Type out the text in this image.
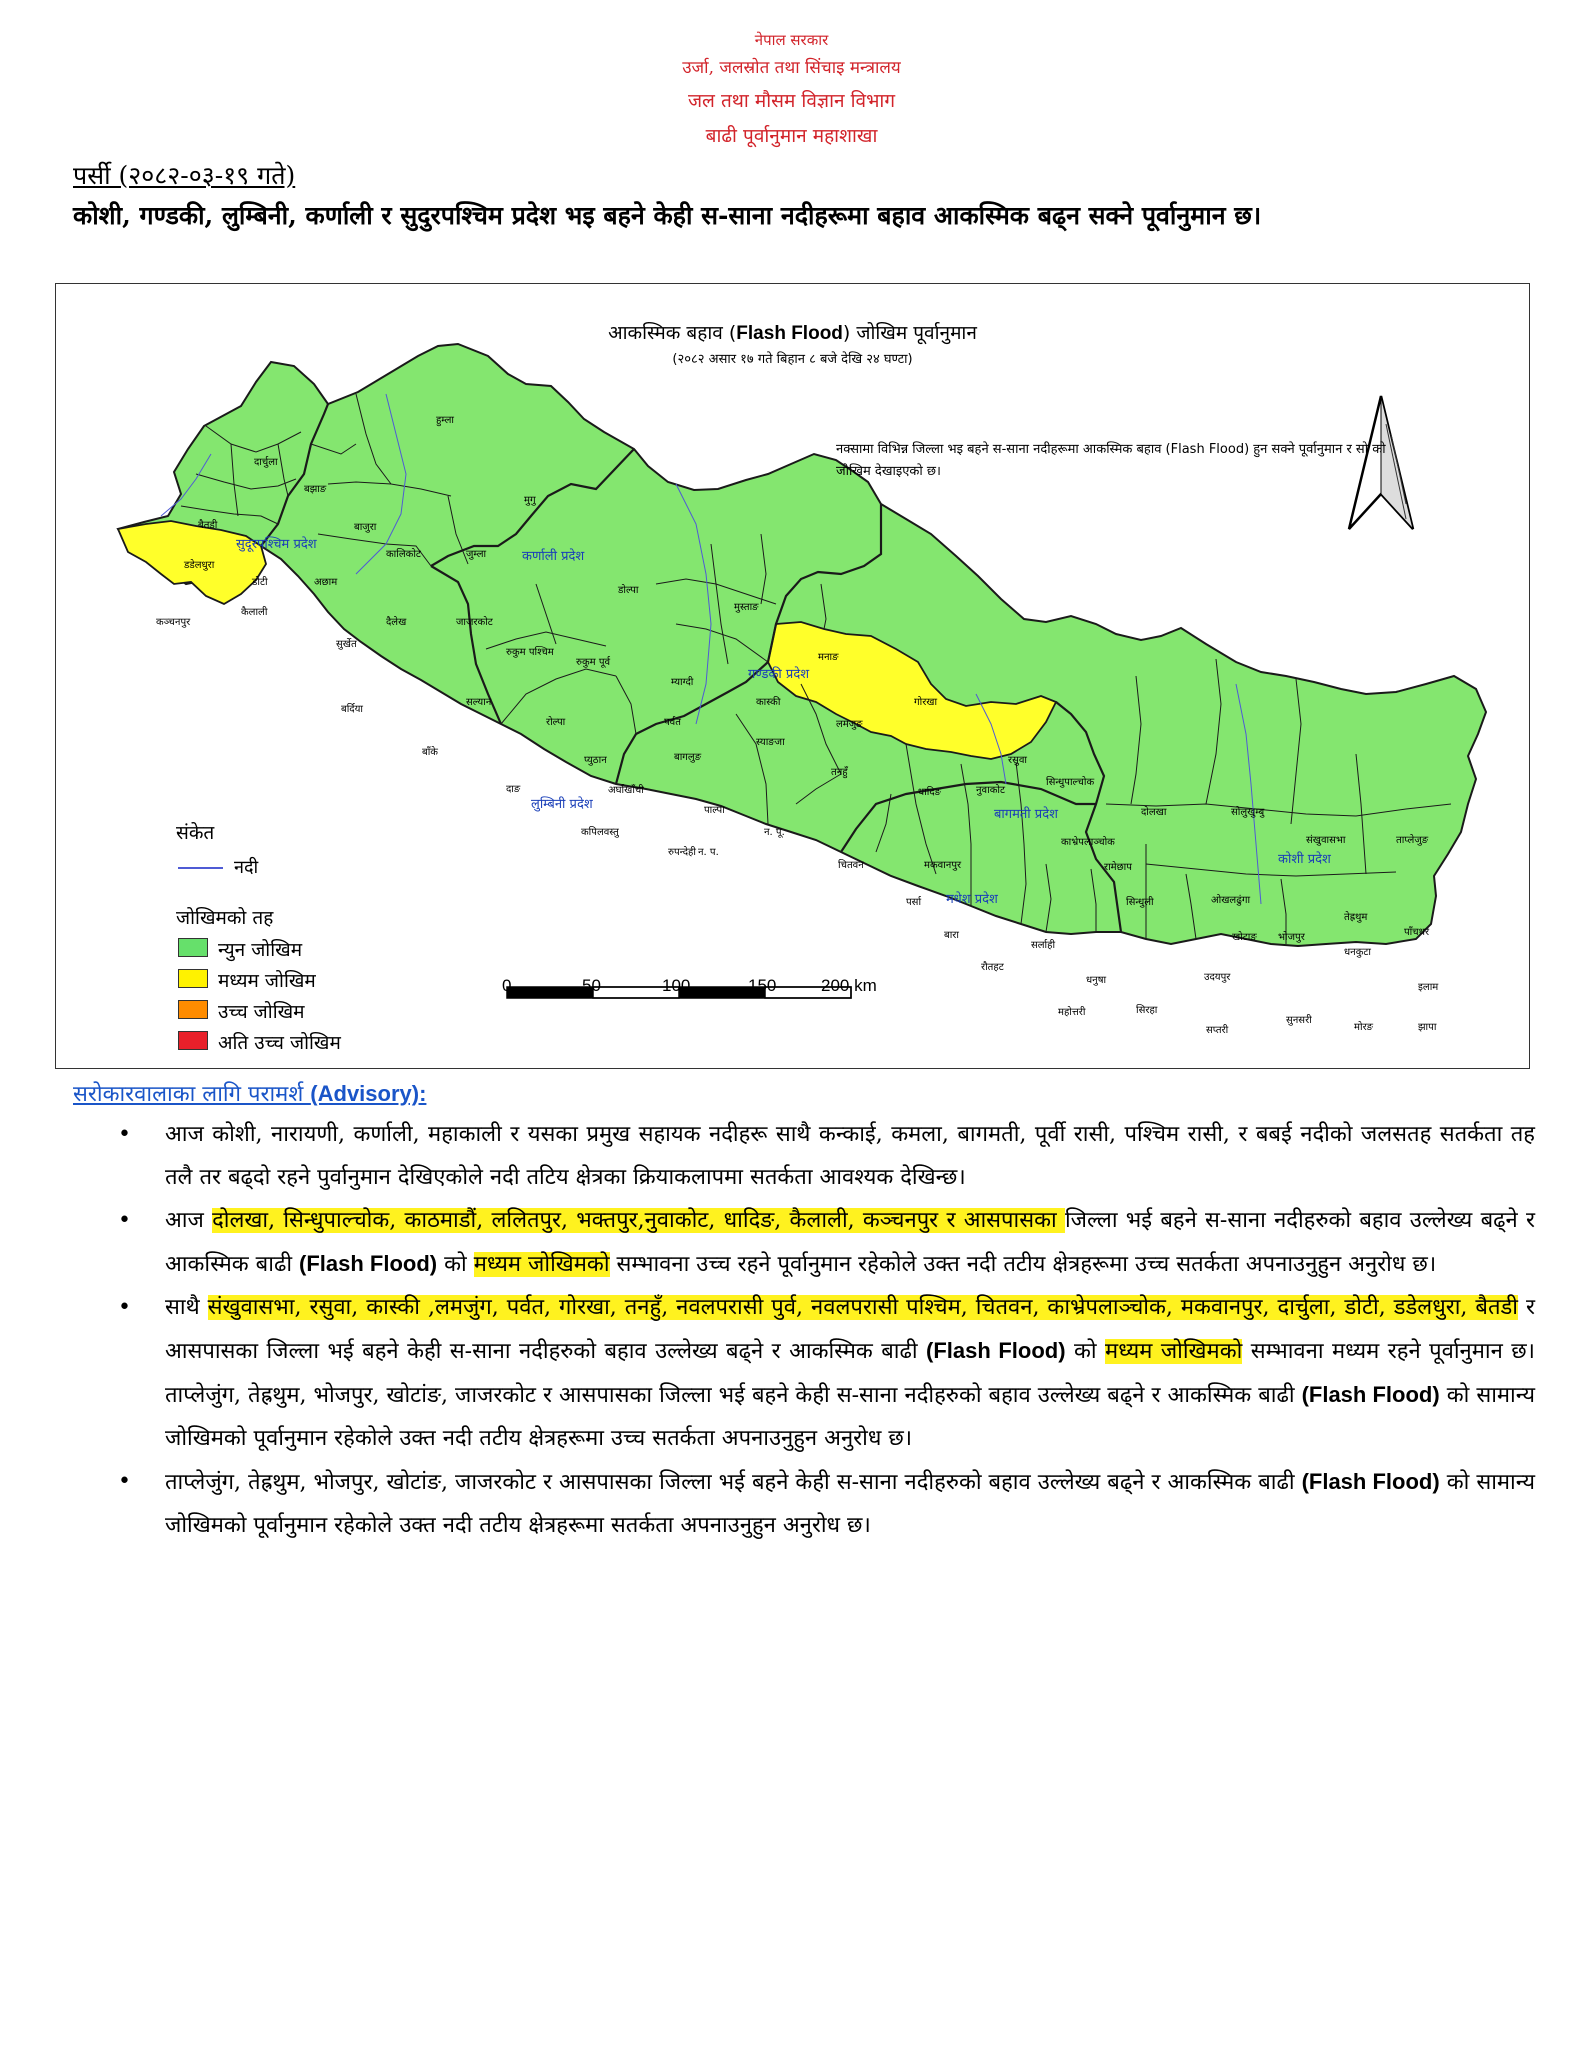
नेपाल सरकार
उर्जा, जलस्रोत तथा सिंचाइ मन्त्रालय
जल तथा मौसम विज्ञान विभाग
बाढी पूर्वानुमान महाशाखा
पर्सी (२०८२-०३-१९ गते)
कोशी, गण्डकी, लुम्बिनी, कर्णाली र सुदुरपश्चिम प्रदेश भइ बहने केही स-साना नदीहरूमा बहाव आकस्मिक बढ्न सक्ने पूर्वानुमान छ।
आकस्मिक बहाव (Flash Flood) जोखिम पूर्वानुमान
(२०८२ असार १७ गते बिहान ८ बजे देखि २४ घण्टा)
नक्सामा विभिन्न जिल्ला भइ बहने स-साना नदीहरूमा आकस्मिक बहाव (Flash Flood) हुन सक्ने पूर्वानुमान र सो को जोखिम देखाइएको छ।
सुदूरपश्चिम प्रदेश
कर्णाली प्रदेश
लुम्बिनी प्रदेश
गण्डकी प्रदेश
बागमती प्रदेश
मधेश प्रदेश
कोशी प्रदेश
हुम्ला
दार्चुला
बझाङ
बाजुरा
बैतडी
डडेलधुरा
डोटी	अछाम
कञ्चनपुर
कैलाली
मुगु
जुम्ला
कालिकोट
डोल्पा
दैलेख	जाजरकोट
सुर्खेत
रुकुम पश्चिम
रुकुम पूर्व
बर्दिया
सल्यान
रोल्पा
बाँके
दाङ
प्युठान
अर्घाखाँची
कपिलवस्तु
रुपन्देही
पाल्पा
मुस्ताङ
म्याग्दी
मनाङ
कास्की	गोरखा
लमजुङ
तनहुँ
पर्वत
बागलुङ
स्याङजा
रसुवा
धादिङ	नुवाकोट
सिन्धुपाल्चोक
दोलखा
काभ्रेपलाञ्चोक
रामेछाप
चितवन	मकवानपुर
सिन्धुली
सोलुखुम्बु
संखुवासभा	ताप्लेजुङ
ओखलढुंगा
खोटाङ भोजपुर
तेह्रथुम
पाँचथर
धनकुटा
उदयपुर
इलाम
सुनसरी
मोरङ	झापा
सप्तरी
सिरहा
धनुषा
महोत्तरी
सर्लाही
रौतहट
बारा
पर्सा
न. प.
न. पू.
संकेत
नदी
जोखिमको तह
न्युन जोखिम
मध्यम जोखिम
उच्च जोखिम
अति उच्च जोखिम
0	50	100	150	200 km
सरोकारवालाका लागि परामर्श (Advisory):
• आज कोशी, नारायणी, कर्णाली, महाकाली र यसका प्रमुख सहायक नदीहरू साथै कन्काई, कमला, बागमती, पूर्वी रासी, पश्चिम रासी, र बबई नदीको जलसतह सतर्कता तह तलै तर बढ्दो रहने पुर्वानुमान देखिएकोले नदी तटिय क्षेत्रका क्रियाकलापमा सतर्कता आवश्यक देखिन्छ।
• आज दोलखा, सिन्धुपाल्चोक, काठमाडौं, ललितपुर, भक्तपुर,नुवाकोट, धादिङ, कैलाली, कञ्चनपुर र आसपासका जिल्ला भई बहने स-साना नदीहरुको बहाव उल्लेख्य बढ्ने र आकस्मिक बाढी (Flash Flood) को मध्यम जोखिमको सम्भावना उच्च रहने पूर्वानुमान रहेकोले उक्त नदी तटीय क्षेत्रहरूमा उच्च सतर्कता अपनाउनुहुन अनुरोध छ।
• साथै संखुवासभा, रसुवा, कास्की ,लमजुंग, पर्वत, गोरखा, तनहुँ, नवलपरासी पुर्व, नवलपरासी पश्चिम, चितवन, काभ्रेपलाञ्चोक, मकवानपुर, दार्चुला, डोटी, डडेलधुरा, बैतडी र आसपासका जिल्ला भई बहने केही स-साना नदीहरुको बहाव उल्लेख्य बढ्ने र आकस्मिक बाढी (Flash Flood) को मध्यम जोखिमको सम्भावना मध्यम रहने पूर्वानुमान छ। ताप्लेजुंग, तेह्रथुम, भोजपुर, खोटांङ, जाजरकोट र आसपासका जिल्ला भई बहने केही स-साना नदीहरुको बहाव उल्लेख्य बढ्ने र आकस्मिक बाढी (Flash Flood) को सामान्य जोखिमको पूर्वानुमान रहेकोले उक्त नदी तटीय क्षेत्रहरूमा उच्च सतर्कता अपनाउनुहुन अनुरोध छ।
• ताप्लेजुंग, तेह्रथुम, भोजपुर, खोटांङ, जाजरकोट र आसपासका जिल्ला भई बहने केही स-साना नदीहरुको बहाव उल्लेख्य बढ्ने र आकस्मिक बाढी (Flash Flood) को सामान्य जोखिमको पूर्वानुमान रहेकोले उक्त नदी तटीय क्षेत्रहरूमा सतर्कता अपनाउनुहुन अनुरोध छ।
